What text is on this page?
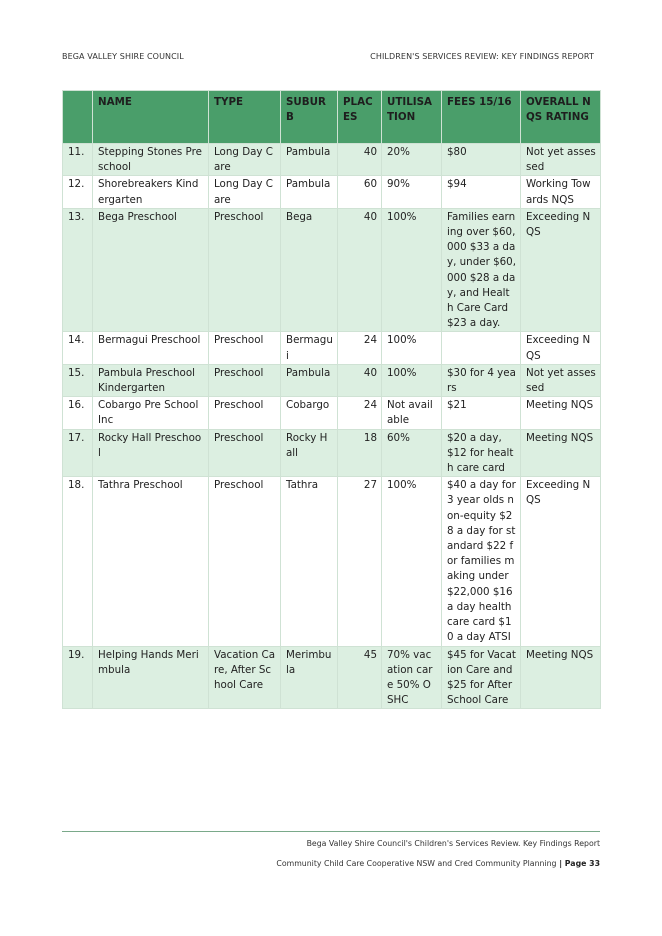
BEGA VALLEY SHIRE COUNCIL	CHILDREN'S SERVICES REVIEW: KEY FINDINGS REPORT
	NAME	TYPE	SUBURB	PLACES	UTILISATION	FEES 15/16	OVERALL NQS RATING
11.	Stepping Stones Preschool	Long Day Care	Pambula	40	20%	$80	Not yet assessed
12.	Shorebreakers Kindergarten	Long Day Care	Pambula	60	90%	$94	Working Towards NQS
13.	Bega Preschool	Preschool	Bega	40	100%	Families earning over $60,000 $33 a day, under $60,000 $28 a day, and Health Care Card $23 a day.	Exceeding NQS
14.	Bermagui Preschool	Preschool	Bermagui	24	100%		Exceeding NQS
15.	Pambula Preschool Kindergarten	Preschool	Pambula	40	100%	$30 for 4 years	Not yet assessed
16.	Cobargo Pre School Inc	Preschool	Cobargo	24	Not available	$21	Meeting NQS
17.	Rocky Hall Preschool	Preschool	Rocky Hall	18	60%	$20 a day, $12 for health care card	Meeting NQS
18.	Tathra Preschool	Preschool	Tathra	27	100%	$40 a day for 3 year olds non-equity $28 a day for standard $22 for families making under $22,000 $16 a day health care card $10 a day ATSI	Exceeding NQS
19.	Helping Hands Merimbula	Vacation Care, After School Care	Merimbula	45	70% vacation care 50% OSHC	$45 for Vacation Care and $25 for After School Care	Meeting NQS
Bega Valley Shire Council's Children's Services Review. Key Findings Report
Community Child Care Cooperative NSW and Cred Community Planning | Page 33
